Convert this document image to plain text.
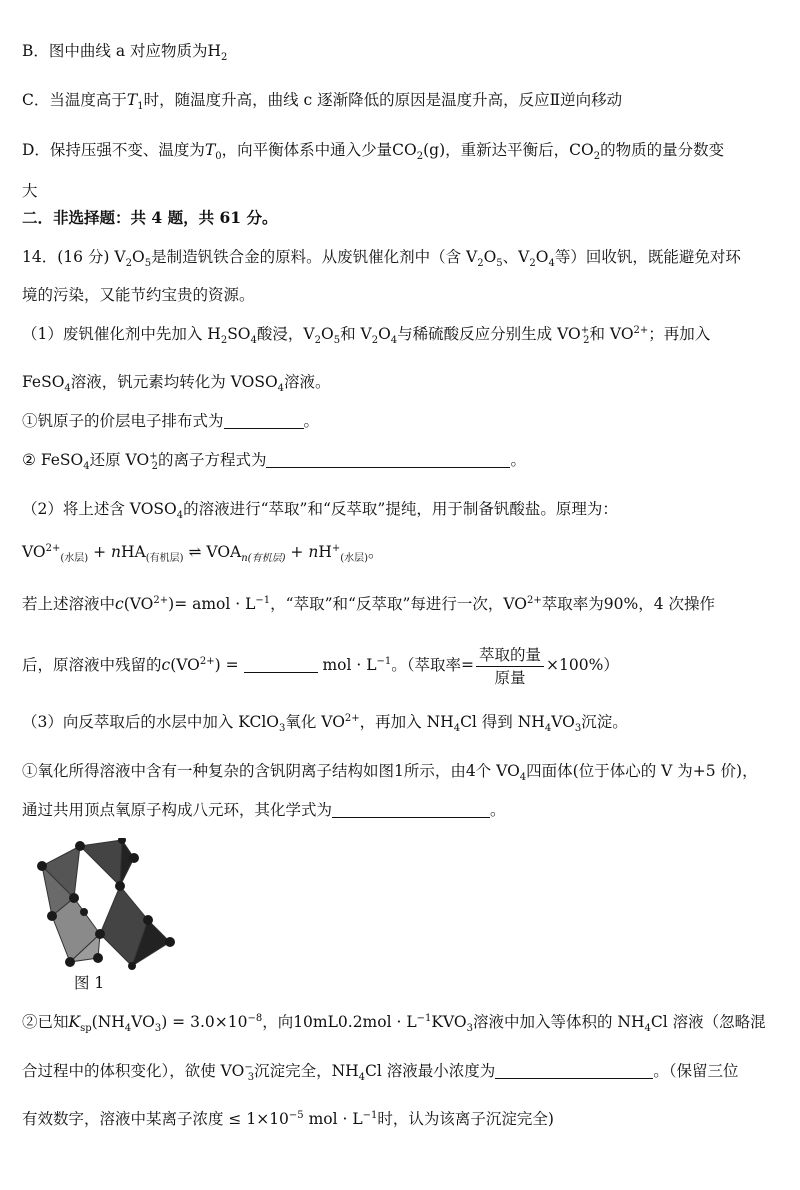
B．图中曲线 a 对应物质为$H_2$
C．当温度高于$T_1$时，随温度升高，曲线 c 逐渐降低的原因是温度升高，反应Ⅱ逆向移动
D．保持压强不变、温度为$T_0$，向平衡体系中通入少量$CO_2(g)$，重新达平衡后，$CO_2$的物质的量分数变
大
二．非选择题：共 4 题，共 61 分。
14．(16 分) $V_2O_5$是制造钒铁合金的原料。从废钒催化剂中（含 $V_2O_5$、$V_2O_4$等）回收钒，既能避免对环
境的污染，又能节约宝贵的资源。
（1）废钒催化剂中先加入 $H_2SO_4$酸浸，$V_2O_5$和 $V_2O_4$与稀硫酸反应分别生成 $VO^+_2$和 $VO^{2+}$；再加入
FeSO$_4$溶液，钒元素均转化为 $VOSO_4$溶液。
①钒原子的价层电子排布式为	。
② FeSO$_4$还原 $VO^+_2$的离子方程式为	。
（2）将上述含 $VOSO_4$的溶液进行“萃取”和“反萃取”提纯，用于制备钒酸盐。原理为：
$VO^{2+}_{(水层)} + nHA_{(有机层)}$ ⇌ $VOA_{n(有机层)} + nH^+_{(水层)}$。
若上述溶液中$c(VO^{2+})=$ amol · $L^{-1}$，“萃取”和“反萃取”每进行一次，$VO^{2+}$萃取率为90%，4 次操作
后，原溶液中残留的$c(VO^{2+})$ =	mol · $L^{-1}$。（萃取率= $\frac{\text{萃取的量}}{\text{原量}} \times 100\%$）
（3）向反萃取后的水层中加入 KClO$_3$氧化 $VO^{2+}$，再加入 $NH_4Cl$ 得到 $NH_4VO_3$沉淀。
①氧化所得溶液中含有一种复杂的含钒阴离子结构如图1所示，由4个 $VO_4$四面体(位于体心的 V 为+5 价)，
通过共用顶点氧原子构成八元环，其化学式为	。
图 1
②已知$K_{sp}(NH_4VO_3) = 3.0\times 10^{-8}$，向$10mL0.2mol \cdot L^{-1}KVO_3$溶液中加入等体积的 $NH_4Cl$ 溶液（忽略混
合过程中的体积变化），欲使 $VO^-_3$沉淀完全，$NH_4Cl$ 溶液最小浓度为	。（保留三位
有效数字，溶液中某离子浓度 ≤ $1\times 10^{-5}$ mol · $L^{-1}$时，认为该离子沉淀完全)
